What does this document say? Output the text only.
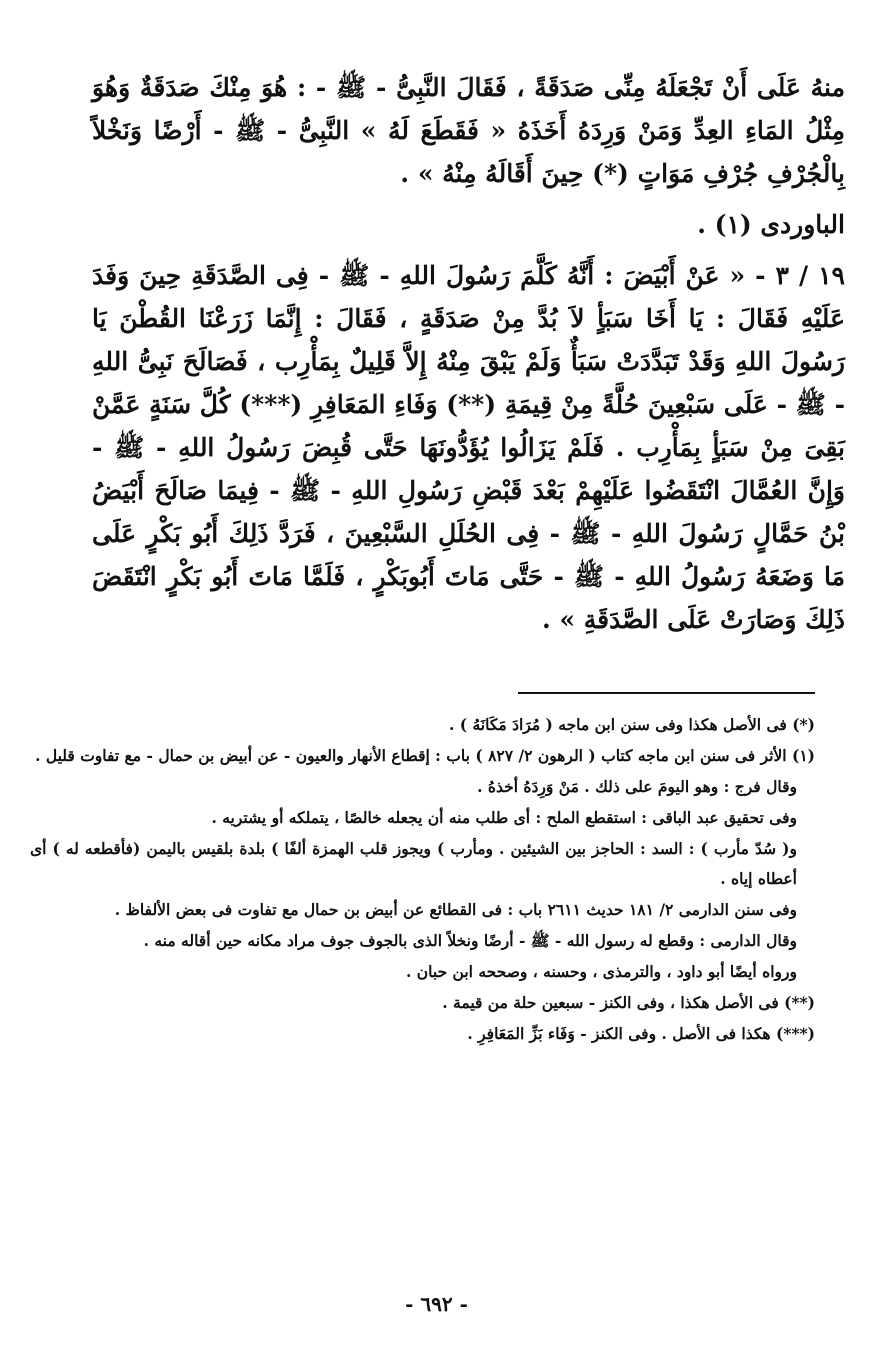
منهُ عَلَى أَنْ تَجْعَلَهُ مِنِّى صَدَقَةً ، فَقَالَ النَّبِىُّ - ﷺ - : هُوَ مِنْكَ صَدَقَةٌ وَهُوَ مِثْلُ المَاءِ العِدِّ وَمَنْ وَرِدَهُ أَخَذَهُ « فَقَطَعَ لَهُ » النَّبِىُّ - ﷺ - أَرْضًا وَنَخْلاً بِالْجُرْفِ جُرْفِ مَوَاتٍ (*) حِينَ أَقَالَهُ مِنْهُ » .

الباوردى (١) .

١٩ / ٣ - « عَنْ أَبْيَضَ : أَنَّهُ كَلَّمَ رَسُولَ اللهِ - ﷺ - فِى الصَّدَقَةِ حِينَ وَفَدَ عَلَيْهِ فَقَالَ : يَا أَخَا سَبَأٍ لاَ بُدَّ مِنْ صَدَقَةٍ ، فَقَالَ : إِنَّمَا زَرَعْنَا القُطْنَ يَا رَسُولَ اللهِ وَقَدْ تَبَدَّدَتْ سَبَأٌ وَلَمْ يَبْقَ مِنْهُ إِلاَّ قَلِيلٌ بِمَأْرِب ، فَصَالَحَ نَبِىُّ اللهِ - ﷺ - عَلَى سَبْعِينَ حُلَّةً مِنْ قِيمَةِ (**) وَفَاءِ المَعَافِرِ (***) كُلَّ سَنَةٍ عَمَّنْ بَقِىَ مِنْ سَبَأٍ بِمَأْرِب . فَلَمْ يَزَالُوا يُؤَدُّونَهَا حَتَّى قُبِضَ رَسُولُ اللهِ - ﷺ - وَإِنَّ العُمَّالَ انْتَقَضُوا عَلَيْهِمْ بَعْدَ قَبْضِ رَسُولِ اللهِ - ﷺ - فِيمَا صَالَحَ أَبْيَضُ بْنُ حَمَّالٍ رَسُولَ اللهِ - ﷺ - فِى الحُلَلِ السَّبْعِينَ ، فَرَدَّ ذَلِكَ أَبُو بَكْرٍ عَلَى مَا وَضَعَهُ رَسُولُ اللهِ - ﷺ - حَتَّى مَاتَ أَبُوبَكْرٍ ، فَلَمَّا مَاتَ أَبُو بَكْرٍ انْتَقَضَ ذَلِكَ وَصَارَتْ عَلَى الصَّدَقَةِ » .

(*) فى الأصل هكذا وفى سنن ابن ماجه ( مُرَادَ مَكَانَهُ ) .

(١) الأثر فى سنن ابن ماجه كتاب ( الرهون ٢/ ٨٢٧ ) باب : إقطاع الأنهار والعيون - عن أبيض بن حمال - مع تفاوت قليل .

وقال فرج : وهو اليومَ على ذلك . مَنْ وَرِدَهُ أخذهُ .

وفى تحقيق عبد الباقى : استقطع الملح : أى طلب منه أن يجعله خالصًا ، يتملكه أو يشتريه .

و( سُدّ مأرب ) : السد : الحاجز بين الشيئين . ومأرب ) ويجوز قلب الهمزة ألفًا ) بلدة بلقيس باليمن (فأقطعه له ) أى أعطاه إياه .

وفى سنن الدارمى ٢/ ١٨١ حديث ٢٦١١ باب : فى القطائع عن أبيض بن حمال مع تفاوت فى بعض الألفاظ .

وقال الدارمى : وقطع له رسول الله - ﷺ - أرضًا ونخلاً الذى بالجوف جوف مراد مكانه حين أقاله منه .

ورواه أيضًا أبو داود ، والترمذى ، وحسنه ، وصححه ابن حبان .

(**) فى الأصل هكذا ، وفى الكنز - سبعين حلة من قيمة .

(***) هكذا فى الأصل . وفى الكنز - وَفَاء بَزِّ المَعَافِرِ .

- ٦٩٢ -
